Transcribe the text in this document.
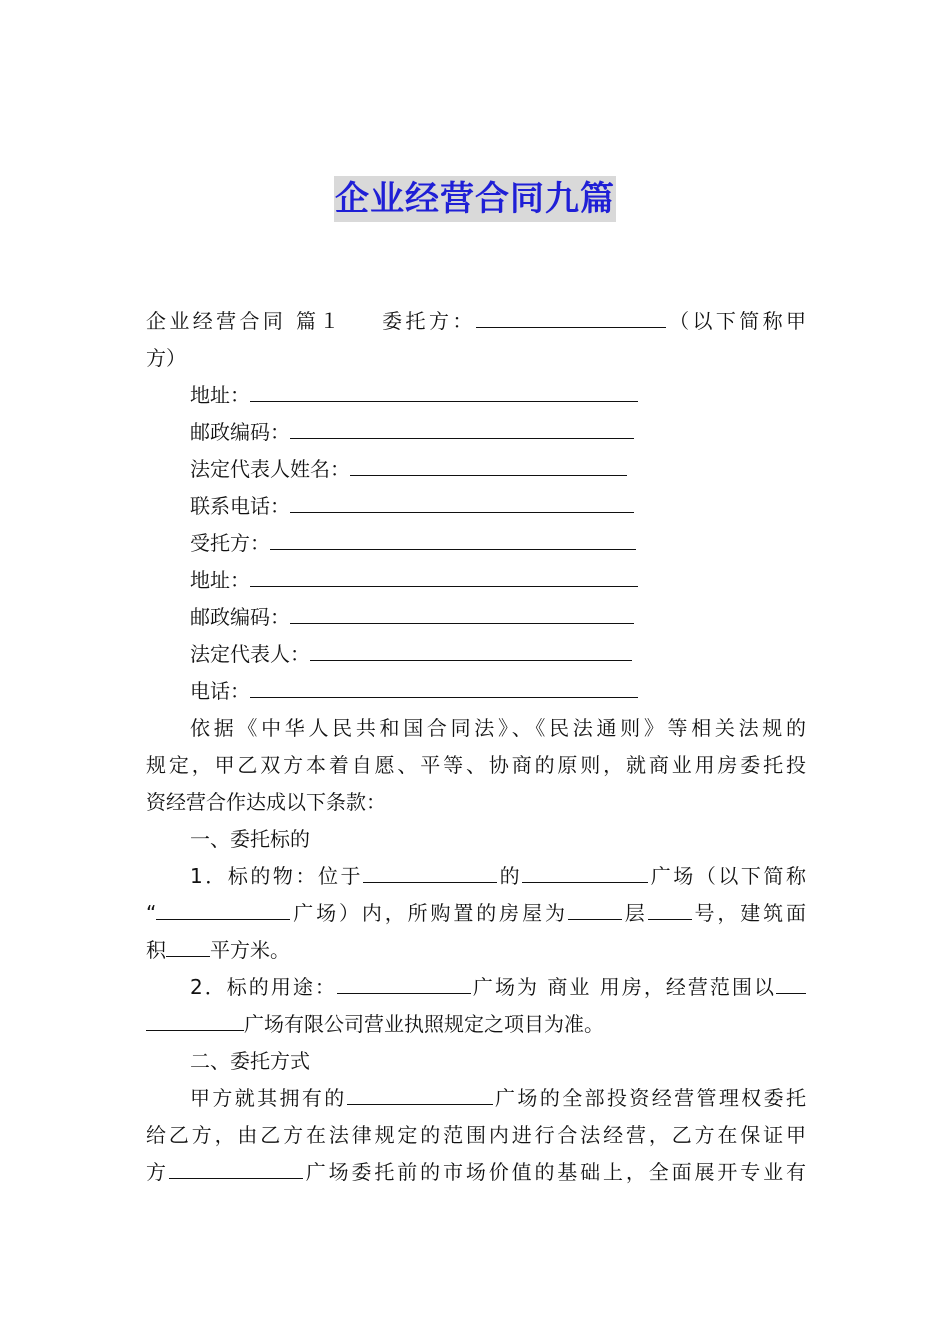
企业经营合同九篇
企业经营合同 篇１ 委托方：	（以下简称甲
方）
地址：
邮政编码：
法定代表人姓名：
联系电话：
受托方：
地址：
邮政编码：
法定代表人：
电话：
依据《中华人民共和国合同法》、《民法通则》等相关法规的
规定，甲乙双方本着自愿、平等、协商的原则，就商业用房委托投
资经营合作达成以下条款：
一、委托标的
1．标的物：位于	的	广场（以下简称
“	广场）内，所购置的房屋为	层 号，建筑面
积 平方米。
2．标的用途：	广场为 商业 用房，经营范围以
广场有限公司营业执照规定之项目为准。
二、委托方式
甲方就其拥有的	广场的全部投资经营管理权委托
给乙方，由乙方在法律规定的范围内进行合法经营，乙方在保证甲
方	广场委托前的市场价值的基础上，全面展开专业有
